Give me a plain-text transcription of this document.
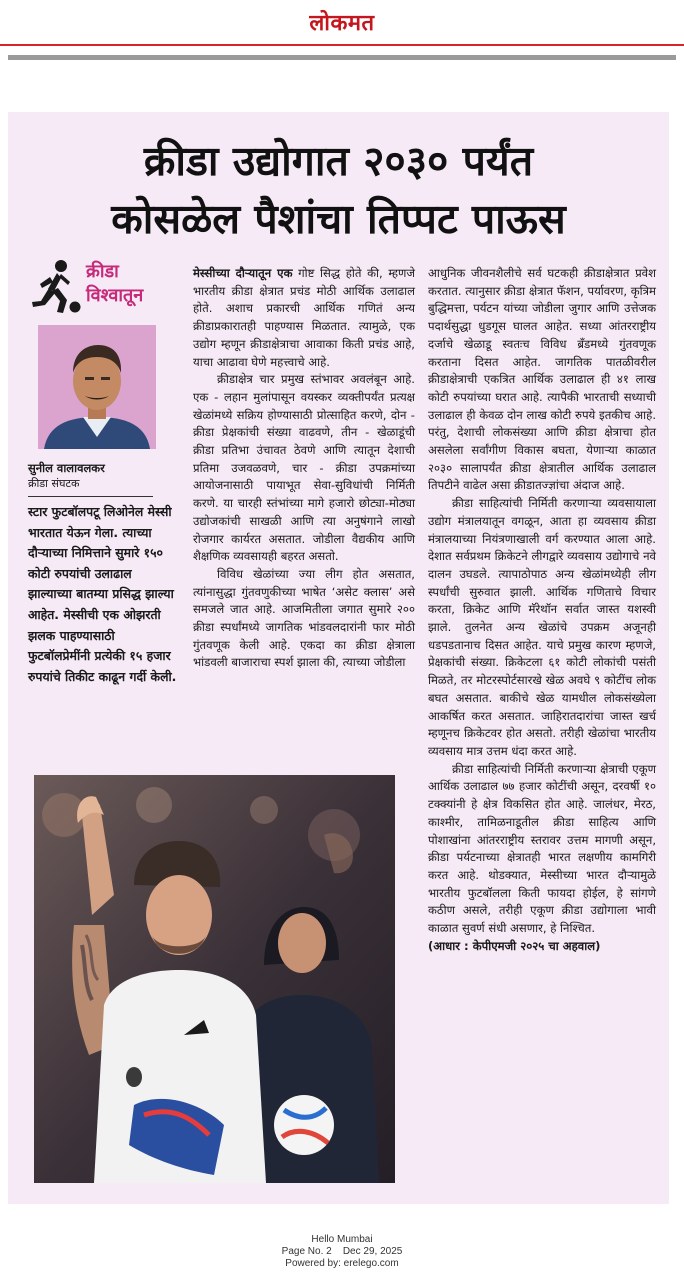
लोकमत
क्रीडा उद्योगात २०३० पर्यंत
कोसळेल पैशांचा तिप्पट पाऊस
क्रीडा
विश्वातून
सुनील वालावलकर
क्रीडा संघटक
स्टार फुटबॉलपटू लिओनेल मेस्सी भारतात येऊन गेला. त्याच्या दौऱ्याच्या निमित्ताने सुमारे १५० कोटी रुपयांची उलाढाल झाल्याच्या बातम्या प्रसिद्ध झाल्या आहेत. मेस्सीची एक ओझरती झलक पाहण्यासाठी फुटबॉलप्रेमींनी प्रत्येकी १५ हजार रुपयांचे तिकीट काढून गर्दी केली.

मेस्सीच्या दौऱ्यातून एक गोष्ट सिद्ध होते की, म्हणजे भारतीय क्रीडा क्षेत्रात प्रचंड मोठी आर्थिक उलाढाल होते. अशाच प्रकारची आर्थिक गणितं अन्य क्रीडाप्रकारातही पाहण्यास मिळतात. त्यामुळे, एक उद्योग म्हणून क्रीडाक्षेत्राचा आवाका किती प्रचंड आहे, याचा आढावा घेणे महत्त्वाचे आहे.

क्रीडाक्षेत्र चार प्रमुख स्तंभावर अवलंबून आहे. एक - लहान मुलांपासून वयस्कर व्यक्तीपर्यंत प्रत्यक्ष खेळांमध्ये सक्रिय होण्यासाठी प्रोत्साहित करणे, दोन - क्रीडा प्रेक्षकांची संख्या वाढवणे, तीन - खेळाडूंची क्रीडा प्रतिभा उंचावत ठेवणे आणि त्यातून देशाची प्रतिमा उजवळवणे, चार - क्रीडा उपक्रमांच्या आयोजनासाठी पायाभूत सेवा-सुविधांची निर्मिती करणे. या चारही स्तंभांच्या मागे हजारो छोट्या-मोठ्या उद्योजकांची साखळी आणि त्या अनुषंगाने लाखो रोजगार कार्यरत असतात. जोडीला वैद्यकीय आणि शैक्षणिक व्यवसायही बहरत असतो.

विविध खेळांच्या ज्या लीग होत असतात, त्यांनासुद्धा गुंतवणुकीच्या भाषेत ‘असेट क्लास’ असे समजले जात आहे. आजमितीला जगात सुमारे २०० क्रीडा स्पर्धांमध्ये जागतिक भांडवलदारांनी फार मोठी गुंतवणूक केली आहे. एकदा का क्रीडा क्षेत्राला भांडवली बाजाराचा स्पर्श झाला की, त्याच्या जोडीला

आधुनिक जीवनशैलीचे सर्व घटकही क्रीडाक्षेत्रात प्रवेश करतात. त्यानुसार क्रीडा क्षेत्रात फॅशन, पर्यावरण, कृत्रिम बुद्धिमत्ता, पर्यटन यांच्या जोडीला जुगार आणि उत्तेजक पदार्थसुद्धा धुडगूस घालत आहेत. सध्या आंतरराष्ट्रीय दर्जाचे खेळाडू स्वतःच विविध ब्रँडमध्ये गुंतवणूक करताना दिसत आहेत. जागतिक पातळीवरील क्रीडाक्षेत्राची एकत्रित आर्थिक उलाढाल ही ४१ लाख कोटी रुपयांच्या घरात आहे. त्यापैकी भारताची सध्याची उलाढाल ही केवळ दोन लाख कोटी रुपये इतकीच आहे. परंतु, देशाची लोकसंख्या आणि क्रीडा क्षेत्राचा होत असलेला सर्वांगीण विकास बघता, येणाऱ्या काळात २०३० सालापर्यंत क्रीडा क्षेत्रातील आर्थिक उलाढाल तिपटीने वाढेल असा क्रीडातज्ज्ञांचा अंदाज आहे.

क्रीडा साहित्यांची निर्मिती करणाऱ्या व्यवसायाला उद्योग मंत्रालयातून वगळून, आता हा व्यवसाय क्रीडा मंत्रालयाच्या नियंत्रणाखाली वर्ग करण्यात आला आहे. देशात सर्वप्रथम क्रिकेटने लीगद्वारे व्यवसाय उद्योगाचे नवे दालन उघडले. त्यापाठोपाठ अन्य खेळांमध्येही लीग स्पर्धांची सुरुवात झाली. आर्थिक गणिताचे विचार करता, क्रिकेट आणि मॅरेथॉन सर्वात जास्त यशस्वी झाले. तुलनेत अन्य खेळांचे उपक्रम अजूनही धडपडतानाच दिसत आहेत. याचे प्रमुख कारण म्हणजे, प्रेक्षकांची संख्या. क्रिकेटला ६१ कोटी लोकांची पसंती मिळते, तर मोटरस्पोर्टसारखे खेळ अवघे ९ कोटींच लोक बघत असतात. बाकीचे खेळ यामधील लोकसंख्येला आकर्षित करत असतात. जाहिरातदारांचा जास्त खर्च म्हणूनच क्रिकेटवर होत असतो. तरीही खेळांचा भारतीय व्यवसाय मात्र उत्तम धंदा करत आहे.

क्रीडा साहित्यांची निर्मिती करणाऱ्या क्षेत्राची एकूण आर्थिक उलाढाल ७७ हजार कोटींची असून, दरवर्षी १० टक्क्यांनी हे क्षेत्र विकसित होत आहे. जालंधर, मेरठ, काश्मीर, तामिळनाडूतील क्रीडा साहित्य आणि पोशाखांना आंतरराष्ट्रीय स्तरावर उत्तम मागणी असून, क्रीडा पर्यटनाच्या क्षेत्रातही भारत लक्षणीय कामगिरी करत आहे. थोडक्यात, मेस्सीच्या भारत दौऱ्यामुळे भारतीय फुटबॉलला किती फायदा होईल, हे सांगणे कठीण असले, तरीही एकूण क्रीडा उद्योगाला भावी काळात सुवर्ण संधी असणार, हे निश्चित.

(आधार : केपीएमजी २०२५ चा अहवाल)

Hello Mumbai
Page No. 2 Dec 29, 2025
Powered by: erelego.com
